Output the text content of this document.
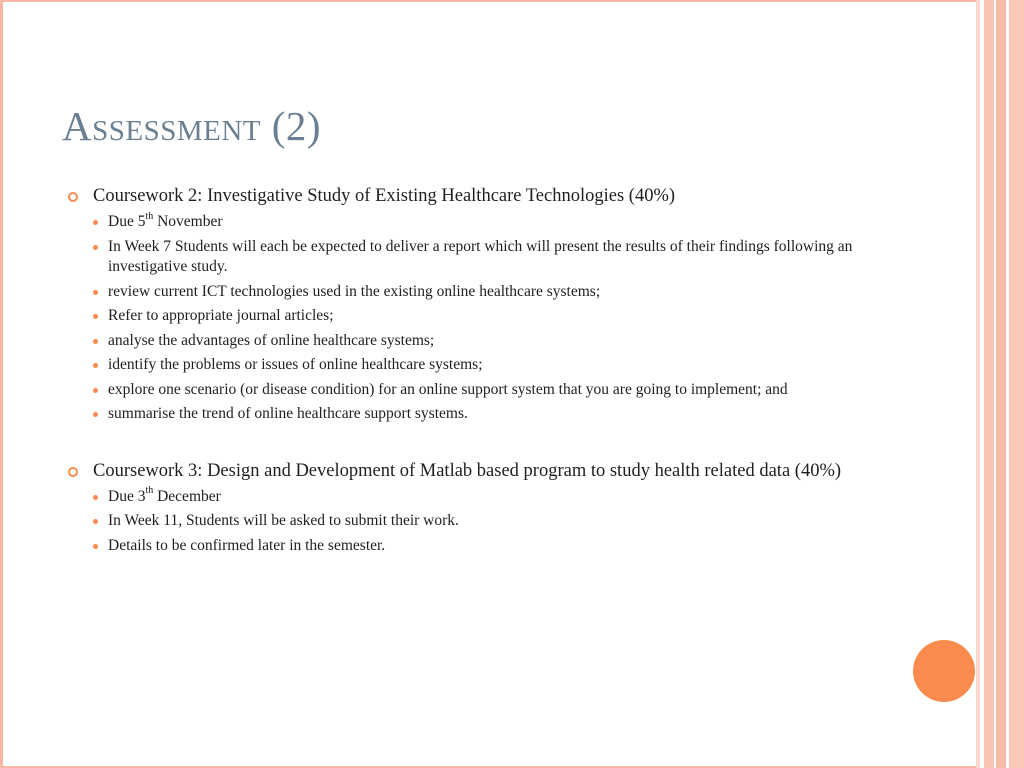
Assessment (2)
Coursework 2: Investigative Study of Existing Healthcare Technologies (40%)
Due 5th November
In Week 7 Students will each be expected to deliver a report which will present the results of their findings following an investigative study.
review current ICT technologies used in the existing online healthcare systems;
Refer to appropriate journal articles;
analyse the advantages of online healthcare systems;
identify the problems or issues of online healthcare systems;
explore one scenario (or disease condition) for an online support system that you are going to implement; and
summarise the trend of online healthcare support systems.
Coursework 3: Design and Development of Matlab based program to study health related data (40%)
Due 3th December
In Week 11, Students will be asked to submit their work.
Details to be confirmed later in the semester.
